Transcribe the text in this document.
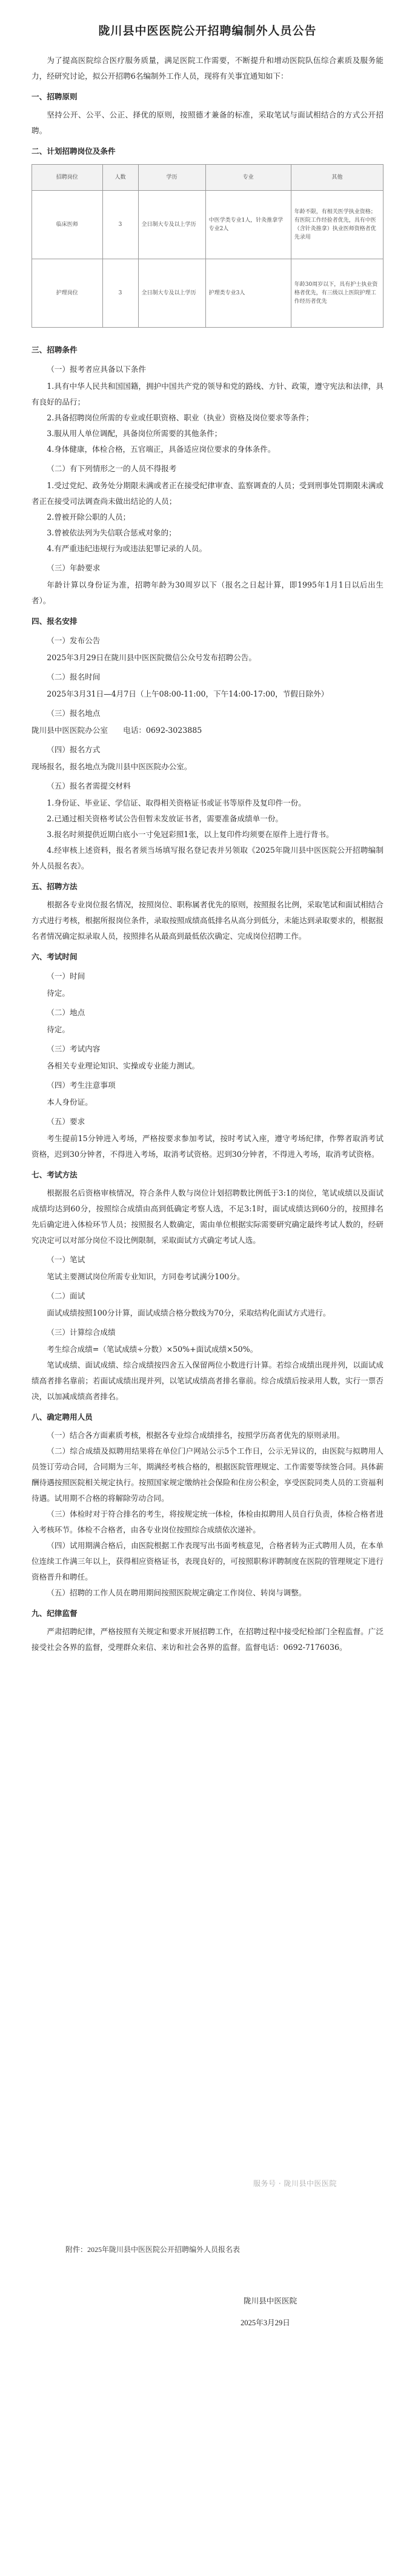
陇川县中医医院公开招聘编制外人员公告

为了提高医院综合医疗服务质量，满足医院工作需要，不断提升和增动医院队伍综合素质及服务能力，经研究讨论，拟公开招聘6名编制外工作人员，现将有关事宜通知如下：

一、招聘原则

坚持公开、公平、公正、择优的原则，按照德才兼备的标准，采取笔试与面试相结合的方式公开招聘。

二、计划招聘岗位及条件
招聘岗位	人数	学历	专业	其他
临床医师	3	全日制大专及以上学历	中医学类专业1人，针灸推拿学专业2人	年龄不限，有相关医学执业资格；有医院工作经验者优先，具有中医（含针灸推拿）执业医师资格者优先录用
护理岗位	3	全日制大专及以上学历	护理类专业3人	年龄30周岁以下，具有护士执业资格者优先，有三级以上医院护理工作经历者优先
三、招聘条件
（一）报考者应具备以下条件

1.具有中华人民共和国国籍，拥护中国共产党的领导和党的路线、方针、政策，遵守宪法和法律，具有良好的品行；

2.具备招聘岗位所需的专业或任职资格、职业（执业）资格及岗位要求等条件；

3.服从用人单位调配，具备岗位所需要的其他条件；

4.身体健康，体检合格，五官端正，具备适应岗位要求的身体条件。

（二）有下列情形之一的人员不得报考

1.受过党纪、政务处分期限未满或者正在接受纪律审查、监察调查的人员；受到刑事处罚期限未满或者正在接受司法调查尚未做出结论的人员；

2.曾被开除公职的人员；

3.曾被依法列为失信联合惩戒对象的；

4.有严重违纪违规行为或违法犯罪记录的人员。

（三）年龄要求

年龄计算以身份证为准，招聘年龄为30周岁以下（报名之日起计算，即1995年1月1日以后出生者）。

四、报名安排
（一）发布公告

2025年3月29日在陇川县中医医院微信公众号发布招聘公告。

（二）报名时间

2025年3月31日—4月7日（上午08:00-11:00，下午14:00-17:00，节假日除外）

（三）报名地点

陇川县中医医院办公室　　电话：0692-3023885

（四）报名方式

现场报名，报名地点为陇川县中医医院办公室。

（五）报名者需提交材料

1.身份证、毕业证、学信证、取得相关资格证书或证书等原件及复印件一份。

2.已通过相关资格考试公告但暂未发放证书者，需要准备成绩单一份。

3.报名时须提供近期白底小一寸免冠彩照1张，以上复印件均须要在原件上进行背书。

4.经审核上述资料，报名者须当场填写报名登记表并另领取《2025年陇川县中医医院公开招聘编制外人员报名表》。

五、招聘方法

根据各专业岗位报名情况，按照岗位、职称属者优先的原则，按照报名比例，采取笔试和面试相结合方式进行考核，根据所报岗位条件，录取按照成绩高低排名从高分到低分，未能达到录取要求的，根据报名者情况确定拟录取人员，按照排名从最高到最低依次确定、完成岗位招聘工作。

六、考试时间
（一）时间

待定。

（二）地点

待定。

（三）考试内容

各相关专业理论知识、实操或专业能力测试。

（四）考生注意事项

本人身份证。

（五）要求

考生提前15分钟进入考场，严格按要求参加考试，按时考试入座，遵守考场纪律，作弊者取消考试资格，迟到30分钟者，不得进入考场，取消考试资格。迟到30分钟者，不得进入考场，取消考试资格。

七、考试方法

根据报名后资格审核情况，符合条件人数与岗位计划招聘数比例低于3:1的岗位，笔试成绩以及面试成绩均达到60分，按照综合成绩由高到低确定考察人选，不足3:1时，面试成绩达到60分的，按照排名先后确定进入体检环节人员；按照报名人数确定，需由单位根据实际需要研究确定最终考试人数的，经研究决定可以对部分岗位不设比例限制，采取面试方式确定考试人选。

（一）笔试

笔试主要测试岗位所需专业知识，方同卷考试满分100分。

（二）面试

面试成绩按照100分计算，面试成绩合格分数线为70分，采取结构化面试方式进行。

（三）计算综合成绩

考生综合成绩=（笔试成绩÷分数）×50%+面试成绩×50%。

笔试成绩、面试成绩、综合成绩按四舍五入保留两位小数进行计算。若综合成绩出现并列，以面试成绩高者排名靠前；若面试成绩出现并列，以笔试成绩高者排名靠前。综合成绩后按录用人数，实行一票否决，以加减成绩高者排名。

八、确定聘用人员

（一）结合各方面素质考核，根据各专业综合成绩排名，按照学历高者优先的原则录用。

（二）综合成绩及拟聘用结果将在单位门户网站公示5个工作日，公示无异议的，由医院与拟聘用人员签订劳动合同，合同期为三年，期满经考核合格的，根据医院管理规定、工作需要等续签合同。具体薪酬待遇按照医院相关规定执行。按照国家规定缴纳社会保险和住房公积金，享受医院同类人员的工资福利待遇。试用期不合格的将解除劳动合同。

（三）体检时对于符合排名的考生，将按规定统一体检，体检由拟聘用人员自行负责，体检合格者进入考核环节。体检不合格者，由各专业岗位按照综合成绩依次递补。

（四）试用期满合格后，由医院根据工作表现写出书面考核意见，合格者转为正式聘用人员，在本单位连续工作满三年以上，获得相应资格证书，表现良好的，可按照职称评聘制度在医院的管理规定下进行资格晋升和聘任。

（五）招聘的工作人员在聘用期间按照医院规定确定工作岗位、转岗与调整。

九、纪律监督

严肃招聘纪律，严格按照有关规定和要求开展招聘工作，在招聘过程中接受纪检部门全程监督。广泛接受社会各界的监督，受理群众来信、来访和社会各界的监督。监督电话：0692-7176036。

服务号 · 陇川县中医医院
附件：2025年陇川县中医医院公开招聘编外人员报名表
陇川县中医医院
2025年3月29日
